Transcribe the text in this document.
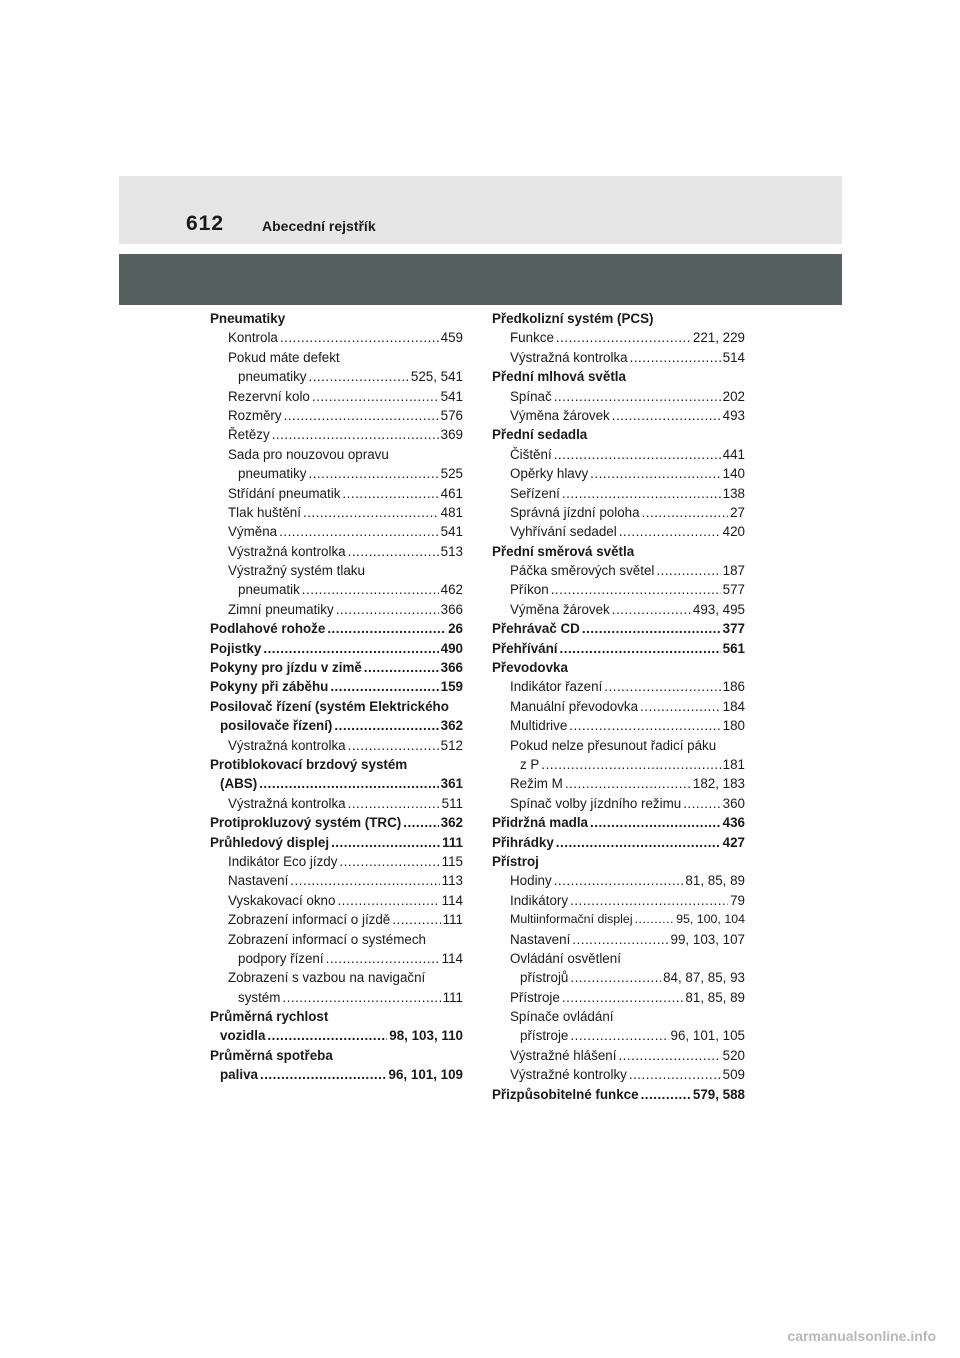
612	Abecední rejstřík
Pneumatiky
Kontrola .....	459
Pokud máte defekt
pneumatiky .....	525, 541
Rezervní kolo .....	541
Rozměry .....	576
Řetězy .....	369
Sada pro nouzovou opravu
pneumatiky .....	525
Střídání pneumatik .....	461
Tlak huštění .....	481
Výměna .....	541
Výstražná kontrolka .....	513
Výstražný systém tlaku
pneumatik .....	462
Zimní pneumatiky .....	366
Podlahové rohože .....	26
Pojistky .....	490
Pokyny pro jízdu v zimě .....	366
Pokyny při záběhu .....	159
Posilovač řízení (systém Elektrického
posilovače řízení) .....	362
Výstražná kontrolka .....	512
Protiblokovací brzdový systém
(ABS) .....	361
Výstražná kontrolka .....	511
Protiprokluzový systém (TRC) .....	362
Průhledový displej .....	111
Indikátor Eco jízdy .....	115
Nastavení .....	113
Vyskakovací okno .....	114
Zobrazení informací o jízdě .....	111
Zobrazení informací o systémech
podpory řízení .....	114
Zobrazení s vazbou na navigační
systém .....	111
Průměrná rychlost
vozidla .....	98, 103, 110
Průměrná spotřeba
paliva .....	96, 101, 109
Předkolizní systém (PCS)
Funkce .....	221, 229
Výstražná kontrolka .....	514
Přední mlhová světla
Spínač .....	202
Výměna žárovek .....	493
Přední sedadla
Čištění .....	441
Opěrky hlavy .....	140
Seřízení .....	138
Správná jízdní poloha .....	27
Vyhřívání sedadel .....	420
Přední směrová světla
Páčka směrových světel .....	187
Příkon .....	577
Výměna žárovek .....	493, 495
Přehrávač CD .....	377
Přehřívání .....	561
Převodovka
Indikátor řazení .....	186
Manuální převodovka .....	184
Multidrive .....	180
Pokud nelze přesunout řadicí páku
z P .....	181
Režim M .....	182, 183
Spínač volby jízdního režimu .....	360
Přidržná madla .....	436
Přihrádky .....	427
Přístroj
Hodiny .....	81, 85, 89
Indikátory .....	79
Multiinformační displej .....	95, 100, 104
Nastavení .....	99, 103, 107
Ovládání osvětlení
přístrojů .....	84, 87, 85, 93
Přístroje .....	81, 85, 89
Spínače ovládání
přístroje .....	96, 101, 105
Výstražné hlášení .....	520
Výstražné kontrolky .....	509
Přizpůsobitelné funkce .....	579, 588
carmanualsonline.info
